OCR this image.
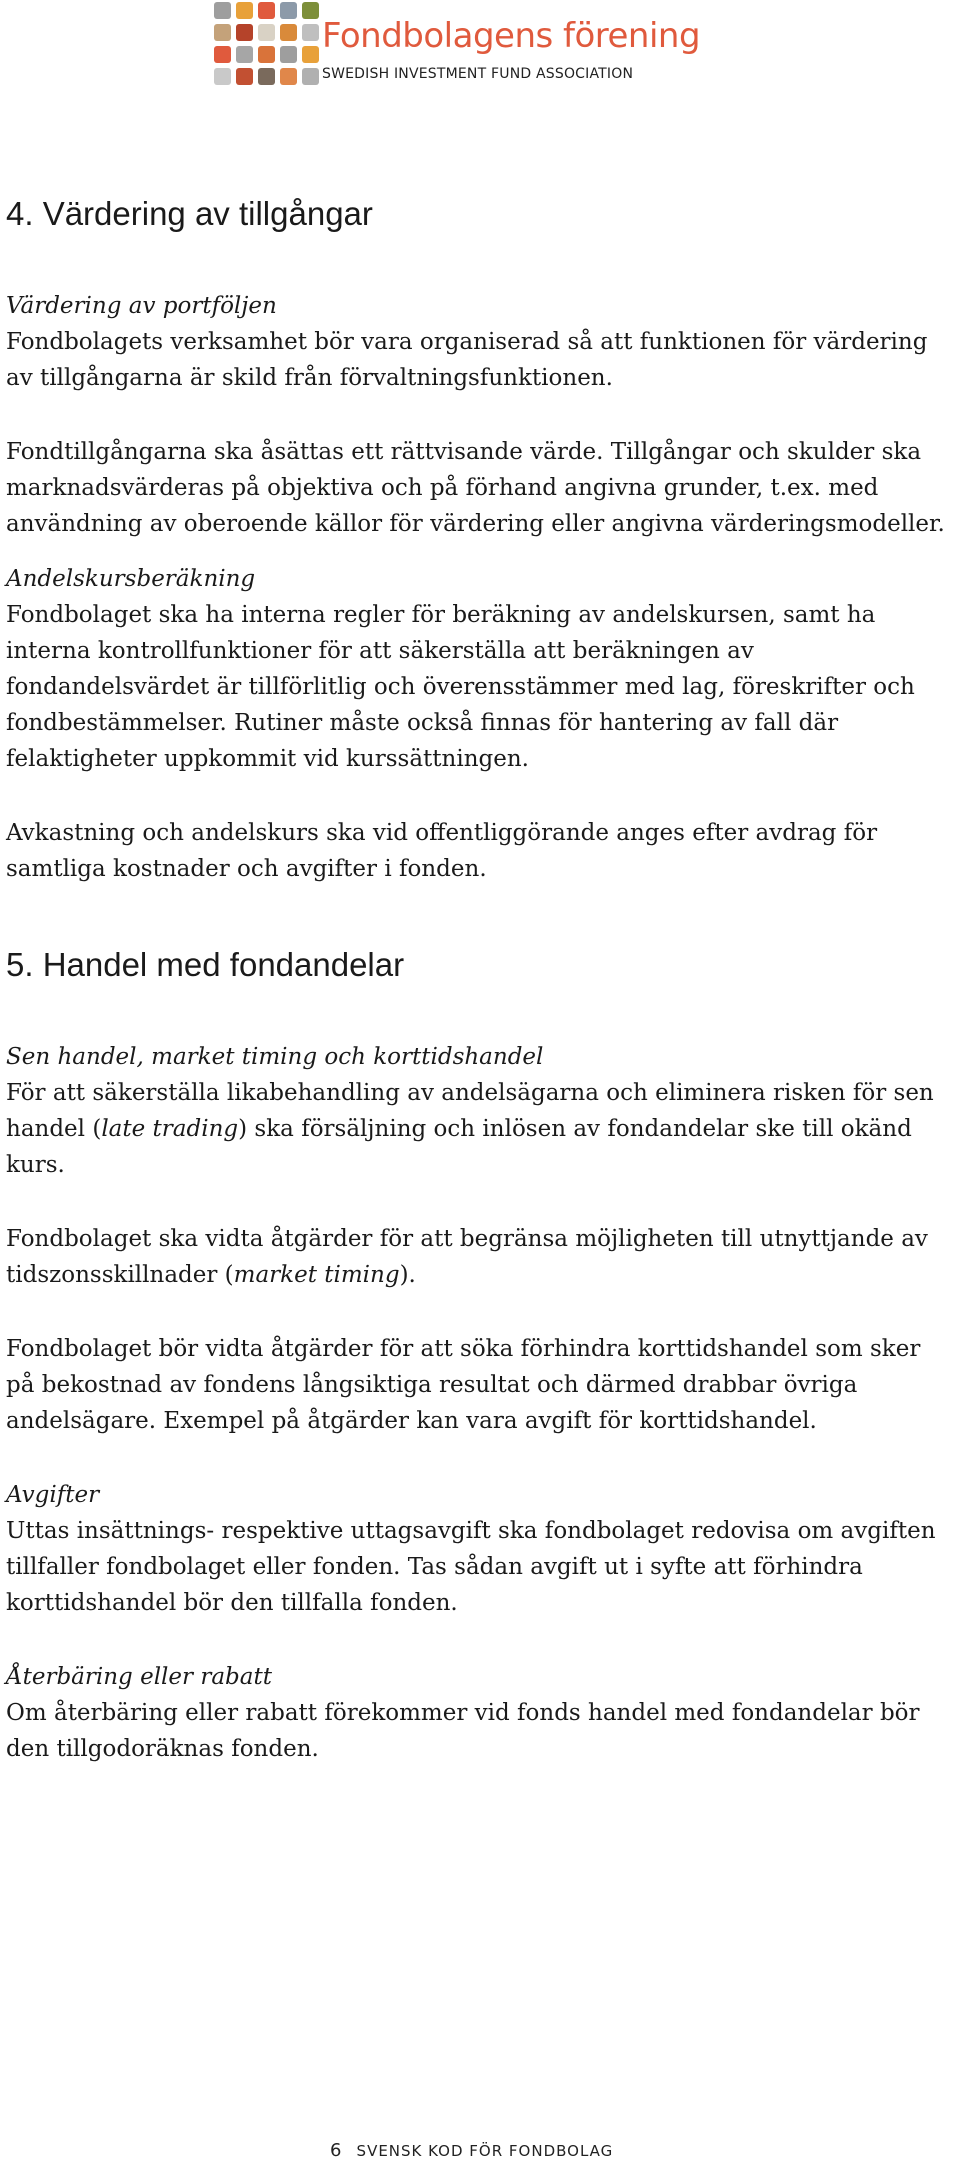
Fondbolagens förening
SWEDISH INVESTMENT FUND ASSOCIATION
4. Värdering av tillgångar
Värdering av portföljen

Fondbolagets verksamhet bör vara organiserad så att funktionen för värdering av tillgångarna är skild från förvaltningsfunktionen.

Fondtillgångarna ska åsättas ett rättvisande värde. Tillgångar och skulder ska marknadsvärderas på objektiva och på förhand angivna grunder, t.ex. med användning av oberoende källor för värdering eller angivna värderingsmodeller.

Andelskursberäkning

Fondbolaget ska ha interna regler för beräkning av andelskursen, samt ha interna kontrollfunktioner för att säkerställa att beräkningen av fondandelsvärdet är tillförlitlig och överensstämmer med lag, föreskrifter och fondbestämmelser. Rutiner måste också finnas för hantering av fall där felaktigheter uppkommit vid kurssättningen.

Avkastning och andelskurs ska vid offentliggörande anges efter avdrag för samtliga kostnader och avgifter i fonden.

5. Handel med fondandelar
Sen handel, market timing och korttidshandel

För att säkerställa likabehandling av andelsägarna och eliminera risken för sen handel (late trading) ska försäljning och inlösen av fondandelar ske till okänd kurs.

Fondbolaget ska vidta åtgärder för att begränsa möjligheten till utnyttjande av tidszonsskillnader (market timing).

Fondbolaget bör vidta åtgärder för att söka förhindra korttidshandel som sker på bekostnad av fondens långsiktiga resultat och därmed drabbar övriga andelsägare. Exempel på åtgärder kan vara avgift för korttidshandel.

Avgifter

Uttas insättnings- respektive uttagsavgift ska fondbolaget redovisa om avgiften tillfaller fondbolaget eller fonden. Tas sådan avgift ut i syfte att förhindra korttidshandel bör den tillfalla fonden.

Återbäring eller rabatt

Om återbäring eller rabatt förekommer vid fonds handel med fondandelar bör den tillgodoräknas fonden.

6 SVENSK KOD FÖR FONDBOLAG
